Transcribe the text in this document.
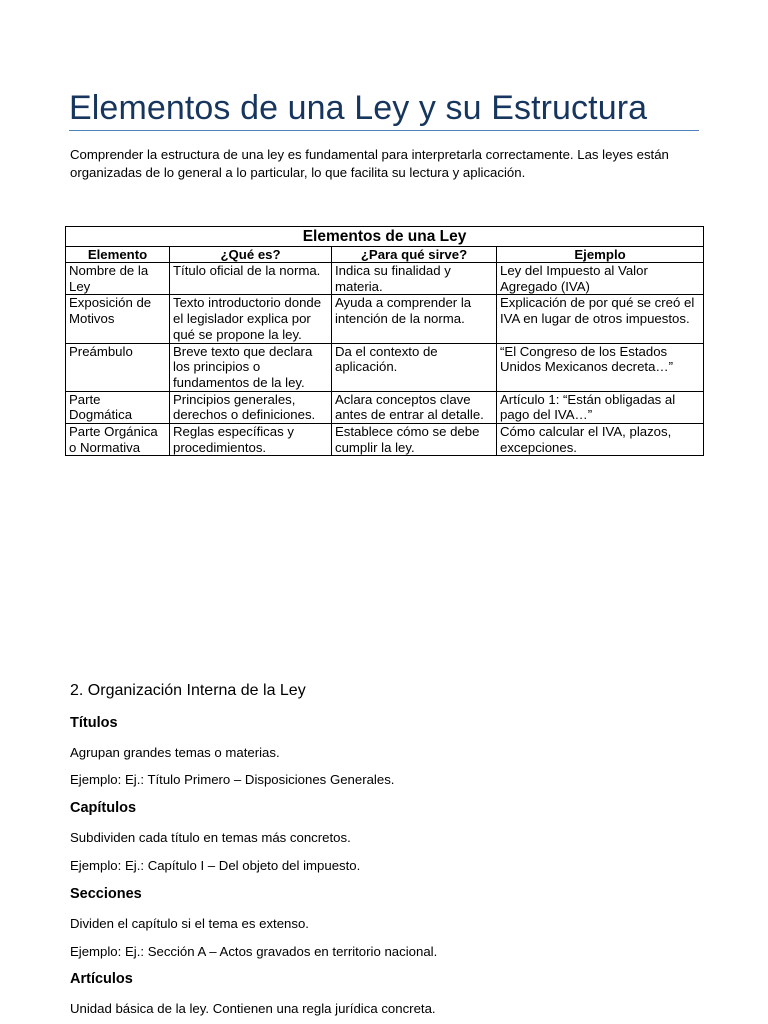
Elementos de una Ley y su Estructura

Comprender la estructura de una ley es fundamental para interpretarla correctamente. Las leyes están organizadas de lo general a lo particular, lo que facilita su lectura y aplicación.

Elementos de una Ley			
Elemento	¿Qué es?	¿Para qué sirve?	Ejemplo
Nombre de la Ley	Título oficial de la norma.	Indica su finalidad y materia.	Ley del Impuesto al Valor Agregado (IVA)
Exposición de Motivos	Texto introductorio donde el legislador explica por qué se propone la ley.	Ayuda a comprender la intención de la norma.	Explicación de por qué se creó el IVA en lugar de otros impuestos.
Preámbulo	Breve texto que declara los principios o fundamentos de la ley.	Da el contexto de aplicación.	“El Congreso de los Estados Unidos Mexicanos decreta…”
Parte Dogmática	Principios generales, derechos o definiciones.	Aclara conceptos clave antes de entrar al detalle.	Artículo 1: “Están obligadas al pago del IVA…”
Parte Orgánica o Normativa	Reglas específicas y procedimientos.	Establece cómo se debe cumplir la ley.	Cómo calcular el IVA, plazos, excepciones.
2. Organización Interna de la Ley
Títulos

Agrupan grandes temas o materias.

Ejemplo: Ej.: Título Primero – Disposiciones Generales.

Capítulos

Subdividen cada título en temas más concretos.

Ejemplo: Ej.: Capítulo I – Del objeto del impuesto.

Secciones

Dividen el capítulo si el tema es extenso.

Ejemplo: Ej.: Sección A – Actos gravados en territorio nacional.

Artículos

Unidad básica de la ley. Contienen una regla jurídica concreta.
